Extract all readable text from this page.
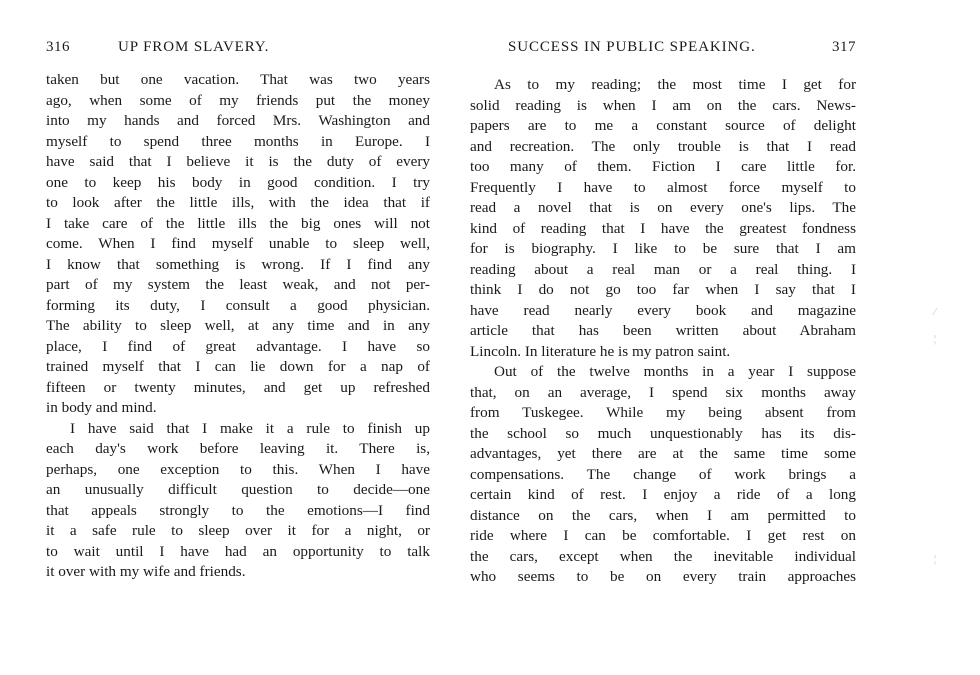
316	UP FROM SLAVERY.
taken but one vacation. That was two years
ago, when some of my friends put the money
into my hands and forced Mrs. Washington and
myself to spend three months in Europe. I
have said that I believe it is the duty of every
one to keep his body in good condition. I try
to look after the little ills, with the idea that if
I take care of the little ills the big ones will not
come. When I find myself unable to sleep well,
I know that something is wrong. If I find any
part of my system the least weak, and not per-
forming its duty, I consult a good physician.
The ability to sleep well, at any time and in any
place, I find of great advantage. I have so
trained myself that I can lie down for a nap of
fifteen or twenty minutes, and get up refreshed
in body and mind.
I have said that I make it a rule to finish up
each day's work before leaving it. There is,
perhaps, one exception to this. When I have
an unusually difficult question to decide—one
that appeals strongly to the emotions—I find
it a safe rule to sleep over it for a night, or
to wait until I have had an opportunity to talk
it over with my wife and friends.
SUCCESS IN PUBLIC SPEAKING.	317
As to my reading; the most time I get for
solid reading is when I am on the cars. News-
papers are to me a constant source of delight
and recreation. The only trouble is that I read
too many of them. Fiction I care little for.
Frequently I have to almost force myself to
read a novel that is on every one's lips. The
kind of reading that I have the greatest fondness
for is biography. I like to be sure that I am
reading about a real man or a real thing. I
think I do not go too far when I say that I
have read nearly every book and magazine
article that has been written about Abraham
Lincoln. In literature he is my patron saint.
Out of the twelve months in a year I suppose
that, on an average, I spend six months away
from Tuskegee. While my being absent from
the school so much unquestionably has its dis-
advantages, yet there are at the same time some
compensations. The change of work brings a
certain kind of rest. I enjoy a ride of a long
distance on the cars, when I am permitted to
ride where I can be comfortable. I get rest on
the cars, except when the inevitable individual
who seems to be on every train approaches
⁄
¦
¦
